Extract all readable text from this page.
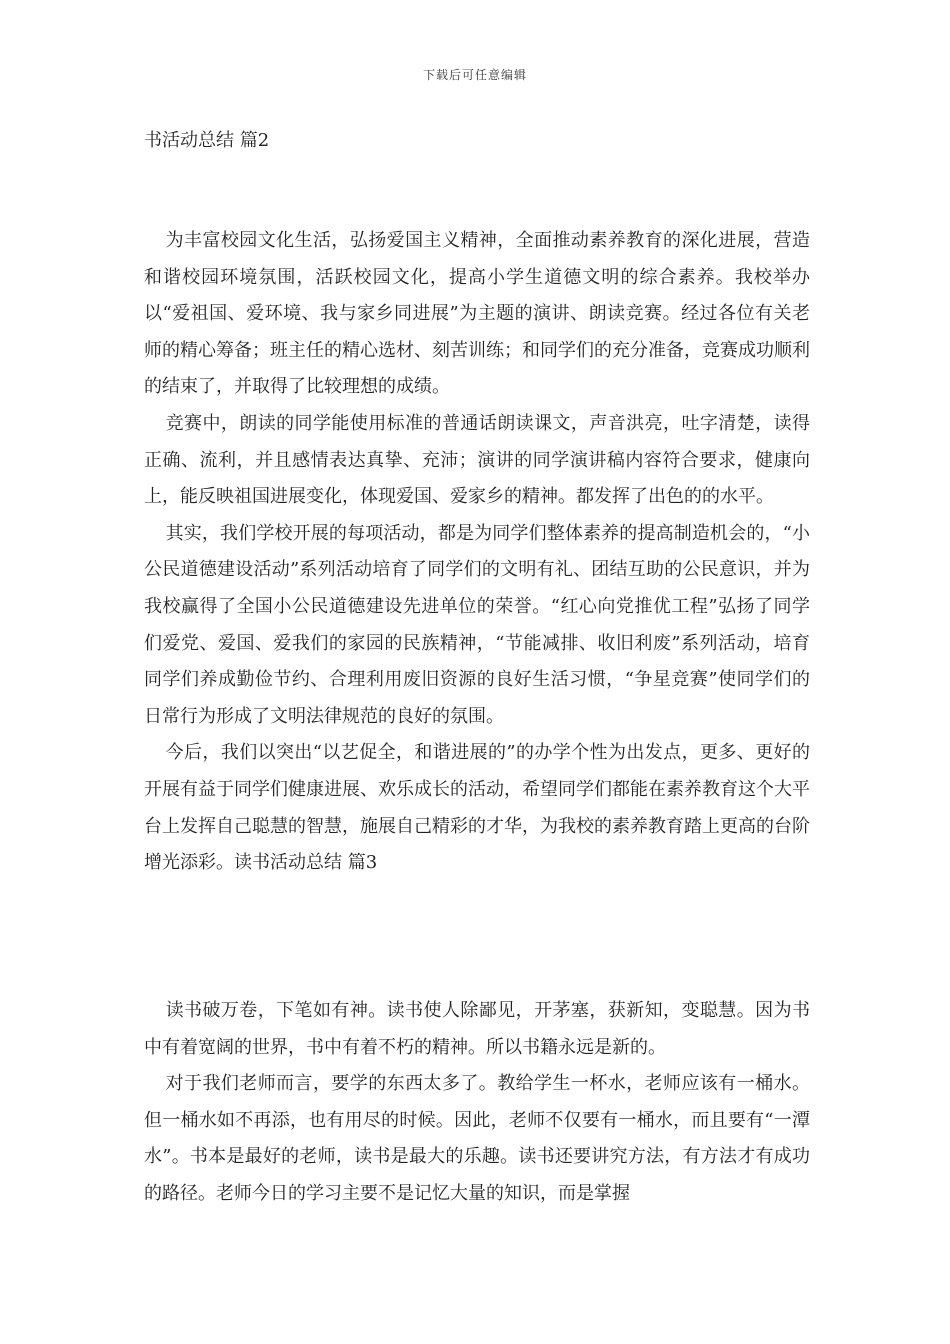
下载后可任意编辑
书活动总结 篇2

为丰富校园文化生活，弘扬爱国主义精神，全面推动素养教育的深化进展，营造和谐校园环境氛围，活跃校园文化，提高小学生道德文明的综合素养。我校举办以“爱祖国、爱环境、我与家乡同进展”为主题的演讲、朗读竞赛。经过各位有关老师的精心筹备；班主任的精心选材、刻苦训练；和同学们的充分准备，竞赛成功顺利的结束了，并取得了比较理想的成绩。

竞赛中，朗读的同学能使用标准的普通话朗读课文，声音洪亮，吐字清楚，读得正确、流利，并且感情表达真挚、充沛；演讲的同学演讲稿内容符合要求，健康向上，能反映祖国进展变化，体现爱国、爱家乡的精神。都发挥了出色的的水平。

其实，我们学校开展的每项活动，都是为同学们整体素养的提高制造机会的，“小公民道德建设活动”系列活动培育了同学们的文明有礼、团结互助的公民意识，并为我校赢得了全国小公民道德建设先进单位的荣誉。“红心向党推优工程”弘扬了同学们爱党、爱国、爱我们的家园的民族精神，“节能减排、收旧利废”系列活动，培育同学们养成勤俭节约、合理利用废旧资源的良好生活习惯，“争星竞赛”使同学们的日常行为形成了文明法律规范的良好的氛围。

今后，我们以突出“以艺促全，和谐进展的”的办学个性为出发点，更多、更好的开展有益于同学们健康进展、欢乐成长的活动，希望同学们都能在素养教育这个大平台上发挥自己聪慧的智慧，施展自己精彩的才华，为我校的素养教育踏上更高的台阶增光添彩。读书活动总结 篇3

读书破万卷，下笔如有神。读书使人除鄙见，开茅塞，获新知，变聪慧。因为书中有着宽阔的世界，书中有着不朽的精神。所以书籍永远是新的。

对于我们老师而言，要学的东西太多了。教给学生一杯水，老师应该有一桶水。但一桶水如不再添，也有用尽的时候。因此，老师不仅要有一桶水，而且要有“一潭水”。书本是最好的老师，读书是最大的乐趣。读书还要讲究方法，有方法才有成功的路径。老师今日的学习主要不是记忆大量的知识，而是掌握
